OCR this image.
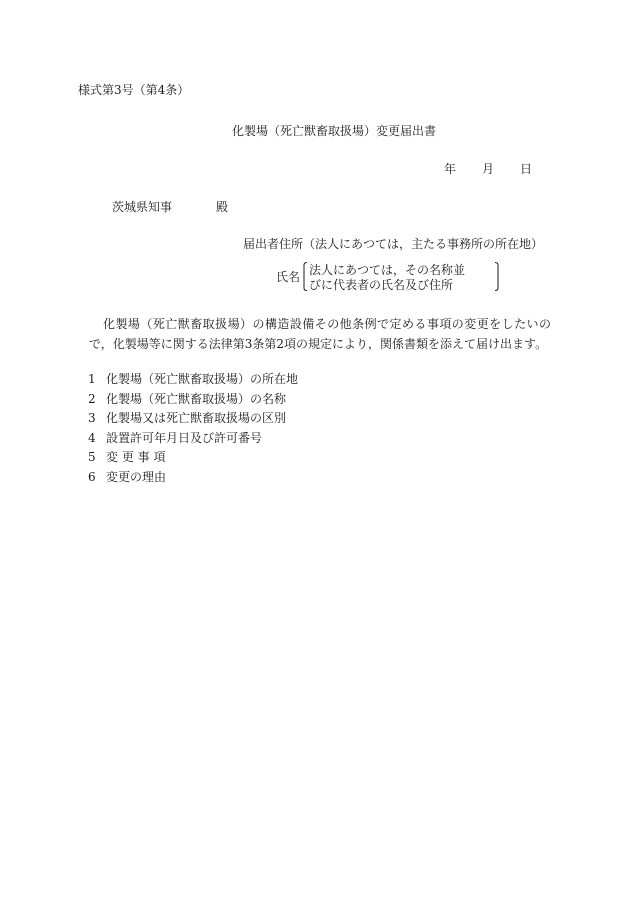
様式第3号（第4条）
化製場（死亡獣畜取扱場）変更届出書
年 月 日
茨城県知事	殿
届出者住所（法人にあつては，主たる事務所の所在地）
氏名 法人にあつては，その名称並
びに代表者の氏名及び住所
化製場（死亡獣畜取扱場）の構造設備その他条例で定める事項の変更をしたいので，化製場等に関する法律第3条第2項の規定により，関係書類を添えて届け出ます。
1 化製場（死亡獣畜取扱場）の所在地
2 化製場（死亡獣畜取扱場）の名称
3 化製場又は死亡獣畜取扱場の区別
4 設置許可年月日及び許可番号
5 変 更 事 項
6 変更の理由
